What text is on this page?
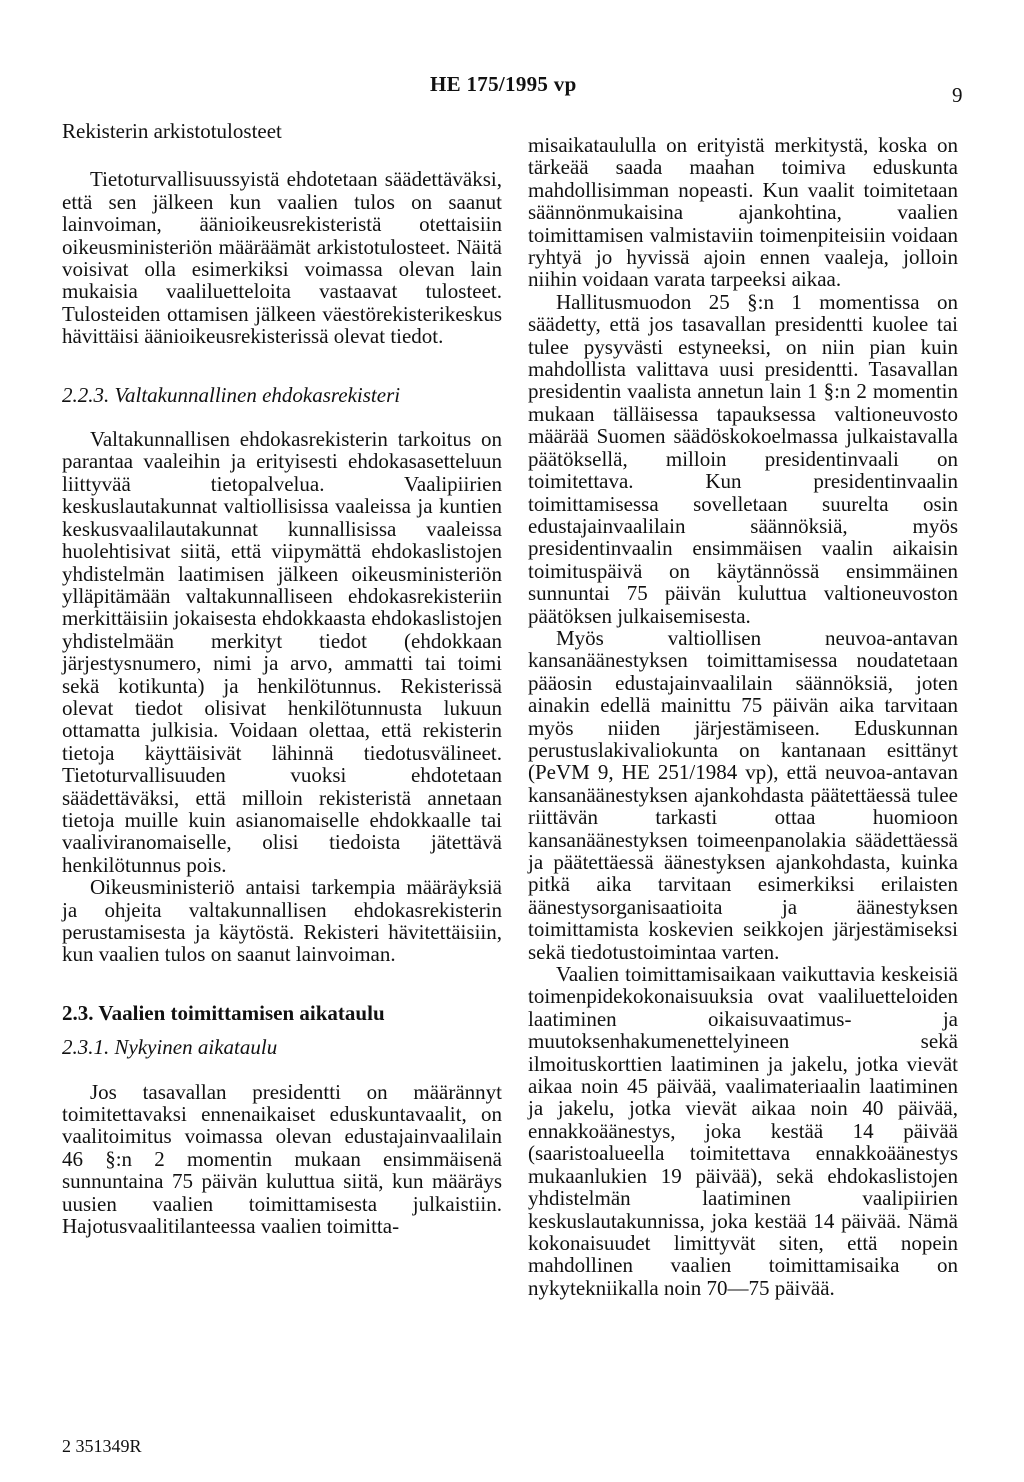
HE 175/1995 vp	9

Rekisterin arkistotulosteet

Tietoturvallisuussyistä ehdotetaan säädettäväksi, että sen jälkeen kun vaalien tulos on saanut lainvoiman, äänioikeusrekisteristä otettaisiin oikeusministeriön määräämät arkistotulosteet. Näitä voisivat olla esimerkiksi voimassa olevan lain mukaisia vaaliluetteloita vastaavat tulosteet. Tulosteiden ottamisen jälkeen väestörekisterikeskus hävittäisi äänioikeusrekisterissä olevat tiedot.

2.2.3. Valtakunnallinen ehdokasrekisteri

Valtakunnallisen ehdokasrekisterin tarkoitus on parantaa vaaleihin ja erityisesti ehdokasasetteluun liittyvää tietopalvelua. Vaalipiirien keskuslautakunnat valtiollisissa vaaleissa ja kuntien keskusvaalilautakunnat kunnallisissa vaaleissa huolehtisivat siitä, että viipymättä ehdokaslistojen yhdistelmän laatimisen jälkeen oikeusministeriön ylläpitämään valtakunnalliseen ehdokasrekisteriin merkittäisiin jokaisesta ehdokkaasta ehdokaslistojen yhdistelmään merkityt tiedot (ehdokkaan järjestysnumero, nimi ja arvo, ammatti tai toimi sekä kotikunta) ja henkilötunnus. Rekisterissä olevat tiedot olisivat henkilötunnusta lukuun ottamatta julkisia. Voidaan olettaa, että rekisterin tietoja käyttäisivät lähinnä tiedotusvälineet. Tietoturvallisuuden vuoksi ehdotetaan säädettäväksi, että milloin rekisteristä annetaan tietoja muille kuin asianomaiselle ehdokkaalle tai vaaliviranomaiselle, olisi tiedoista jätettävä henkilötunnus pois.

Oikeusministeriö antaisi tarkempia määräyksiä ja ohjeita valtakunnallisen ehdokasrekisterin perustamisesta ja käytöstä. Rekisteri hävitettäisiin, kun vaalien tulos on saanut lainvoiman.

2.3. Vaalien toimittamisen aikataulu

2.3.1. Nykyinen aikataulu

Jos tasavallan presidentti on määrännyt toimitettavaksi ennenaikaiset eduskuntavaalit, on vaalitoimitus voimassa olevan edustajainvaalilain 46 §:n 2 momentin mukaan ensimmäisenä sunnuntaina 75 päivän kuluttua siitä, kun määräys uusien vaalien toimittamisesta julkaistiin. Hajotusvaalitilanteessa vaalien toimitta-

misaikataululla on erityistä merkitystä, koska on tärkeää saada maahan toimiva eduskunta mahdollisimman nopeasti. Kun vaalit toimitetaan säännönmukaisina ajankohtina, vaalien toimittamisen valmistaviin toimenpiteisiin voidaan ryhtyä jo hyvissä ajoin ennen vaaleja, jolloin niihin voidaan varata tarpeeksi aikaa.

Hallitusmuodon 25 §:n 1 momentissa on säädetty, että jos tasavallan presidentti kuolee tai tulee pysyvästi estyneeksi, on niin pian kuin mahdollista valittava uusi presidentti. Tasavallan presidentin vaalista annetun lain 1 §:n 2 momentin mukaan tälläisessa tapauksessa valtioneuvosto määrää Suomen säädöskokoelmassa julkaistavalla päätöksellä, milloin presidentinvaali on toimitettava. Kun presidentinvaalin toimittamisessa sovelletaan suurelta osin edustajainvaalilain säännöksiä, myös presidentinvaalin ensimmäisen vaalin aikaisin toimituspäivä on käytännössä ensimmäinen sunnuntai 75 päivän kuluttua valtioneuvoston päätöksen julkaisemisesta.

Myös valtiollisen neuvoa-antavan kansanäänestyksen toimittamisessa noudatetaan pääosin edustajainvaalilain säännöksiä, joten ainakin edellä mainittu 75 päivän aika tarvitaan myös niiden järjestämiseen. Eduskunnan perustuslakivaliokunta on kantanaan esittänyt (PeVM 9, HE 251/1984 vp), että neuvoa-antavan kansanäänestyksen ajankohdasta päätettäessä tulee riittävän tarkasti ottaa huomioon kansanäänestyksen toimeenpanolakia säädettäessä ja päätettäessä äänestyksen ajankohdasta, kuinka pitkä aika tarvitaan esimerkiksi erilaisten äänestysorganisaatioita ja äänestyksen toimittamista koskevien seikkojen järjestämiseksi sekä tiedotustoimintaa varten.

Vaalien toimittamisaikaan vaikuttavia keskeisiä toimenpidekokonaisuuksia ovat vaaliluetteloiden laatiminen oikaisuvaatimus- ja muutoksenhakumenettelyineen sekä ilmoituskorttien laatiminen ja jakelu, jotka vievät aikaa noin 45 päivää, vaalimateriaalin laatiminen ja jakelu, jotka vievät aikaa noin 40 päivää, ennakkoäänestys, joka kestää 14 päivää (saaristoalueella toimitettava ennakkoäänestys mukaanlukien 19 päivää), sekä ehdokaslistojen yhdistelmän laatiminen vaalipiirien keskuslautakunnissa, joka kestää 14 päivää. Nämä kokonaisuudet limittyvät siten, että nopein mahdollinen vaalien toimittamisaika on nykytekniikalla noin 70—75 päivää.

2 351349R
